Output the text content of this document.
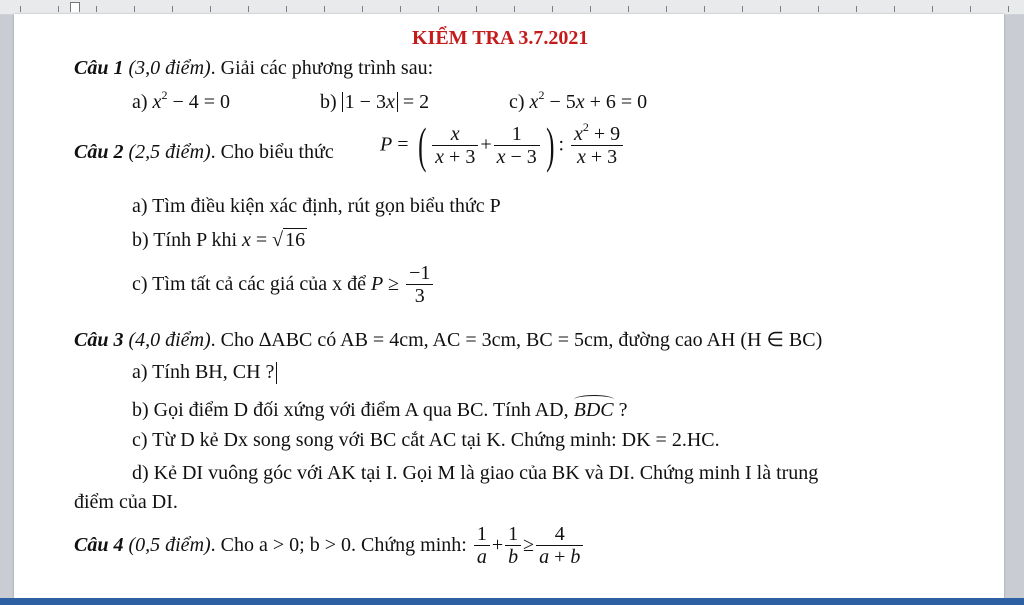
KIỂM TRA 3.7.2021
Câu 1 (3,0 điểm). Giải các phương trình sau:
a) $x^2 - 4 = 0$	b) 1 − 3x = 2	c) $x^2 - 5x + 6 = 0$
Câu 2 (2,5 điểm). Cho biểu thức P = ( $\frac{x}{x + 3} + \frac{1}{x - 3}$ ) : $\frac{x^2 + 9}{x + 3}$
a) Tìm điều kiện xác định, rút gọn biểu thức P
b) Tính P khi x = √ 16
c) Tìm tất cả các giá của x để $P \ge \frac{-1}{3}$
Câu 3 (4,0 điểm). Cho ∆ABC có AB = 4cm, AC = 3cm, BC = 5cm, đường cao AH (H ∈ BC)
a) Tính BH, CH ?
b) Gọi điểm D đối xứng với điểm A qua BC. Tính AD, BDC ?
c) Từ D kẻ Dx song song với BC cắt AC tại K. Chứng minh: DK = 2.HC.
d) Kẻ DI vuông góc với AK tại I. Gọi M là giao của BK và DI. Chứng minh I là trung
điểm của DI.
Câu 4 (0,5 điểm). Cho a > 0; b > 0. Chứng minh: $\frac{1}{a} + \frac{1}{b} \ge \frac{4}{a + b}$
